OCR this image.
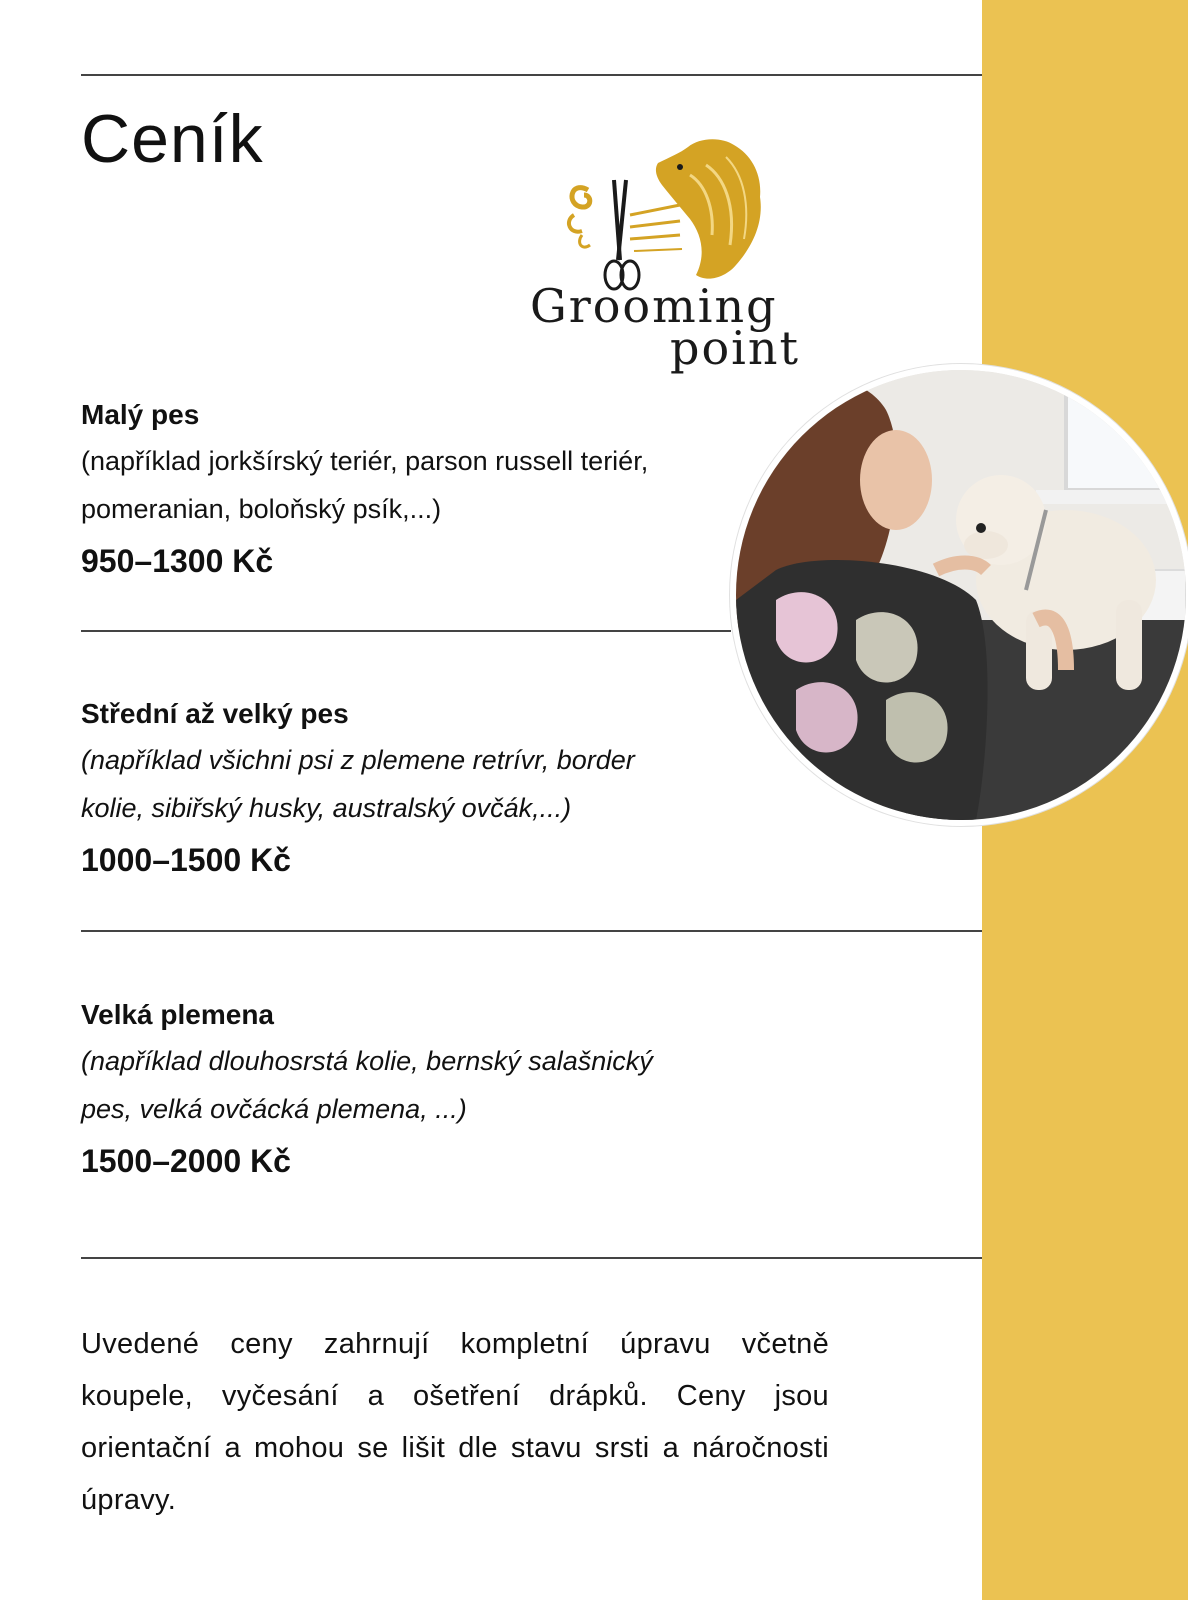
Ceník
Grooming
point
Malý pes
(například jorkšírský teriér, parson russell teriér,
pomeranian, boloňský psík,...)
950–1300 Kč
Střední až velký pes
(například všichni psi z plemene retrívr, border
kolie, sibiřský husky, australský ovčák,...)
1000–1500 Kč
Velká plemena
(například dlouhosrstá kolie, bernský salašnický
pes, velká ovčácká plemena, ...)
1500–2000 Kč
Uvedené ceny zahrnují kompletní úpravu včetně koupele, vyčesání a ošetření drápků. Ceny jsou orientační a mohou se lišit dle stavu srsti a náročnosti úpravy.
